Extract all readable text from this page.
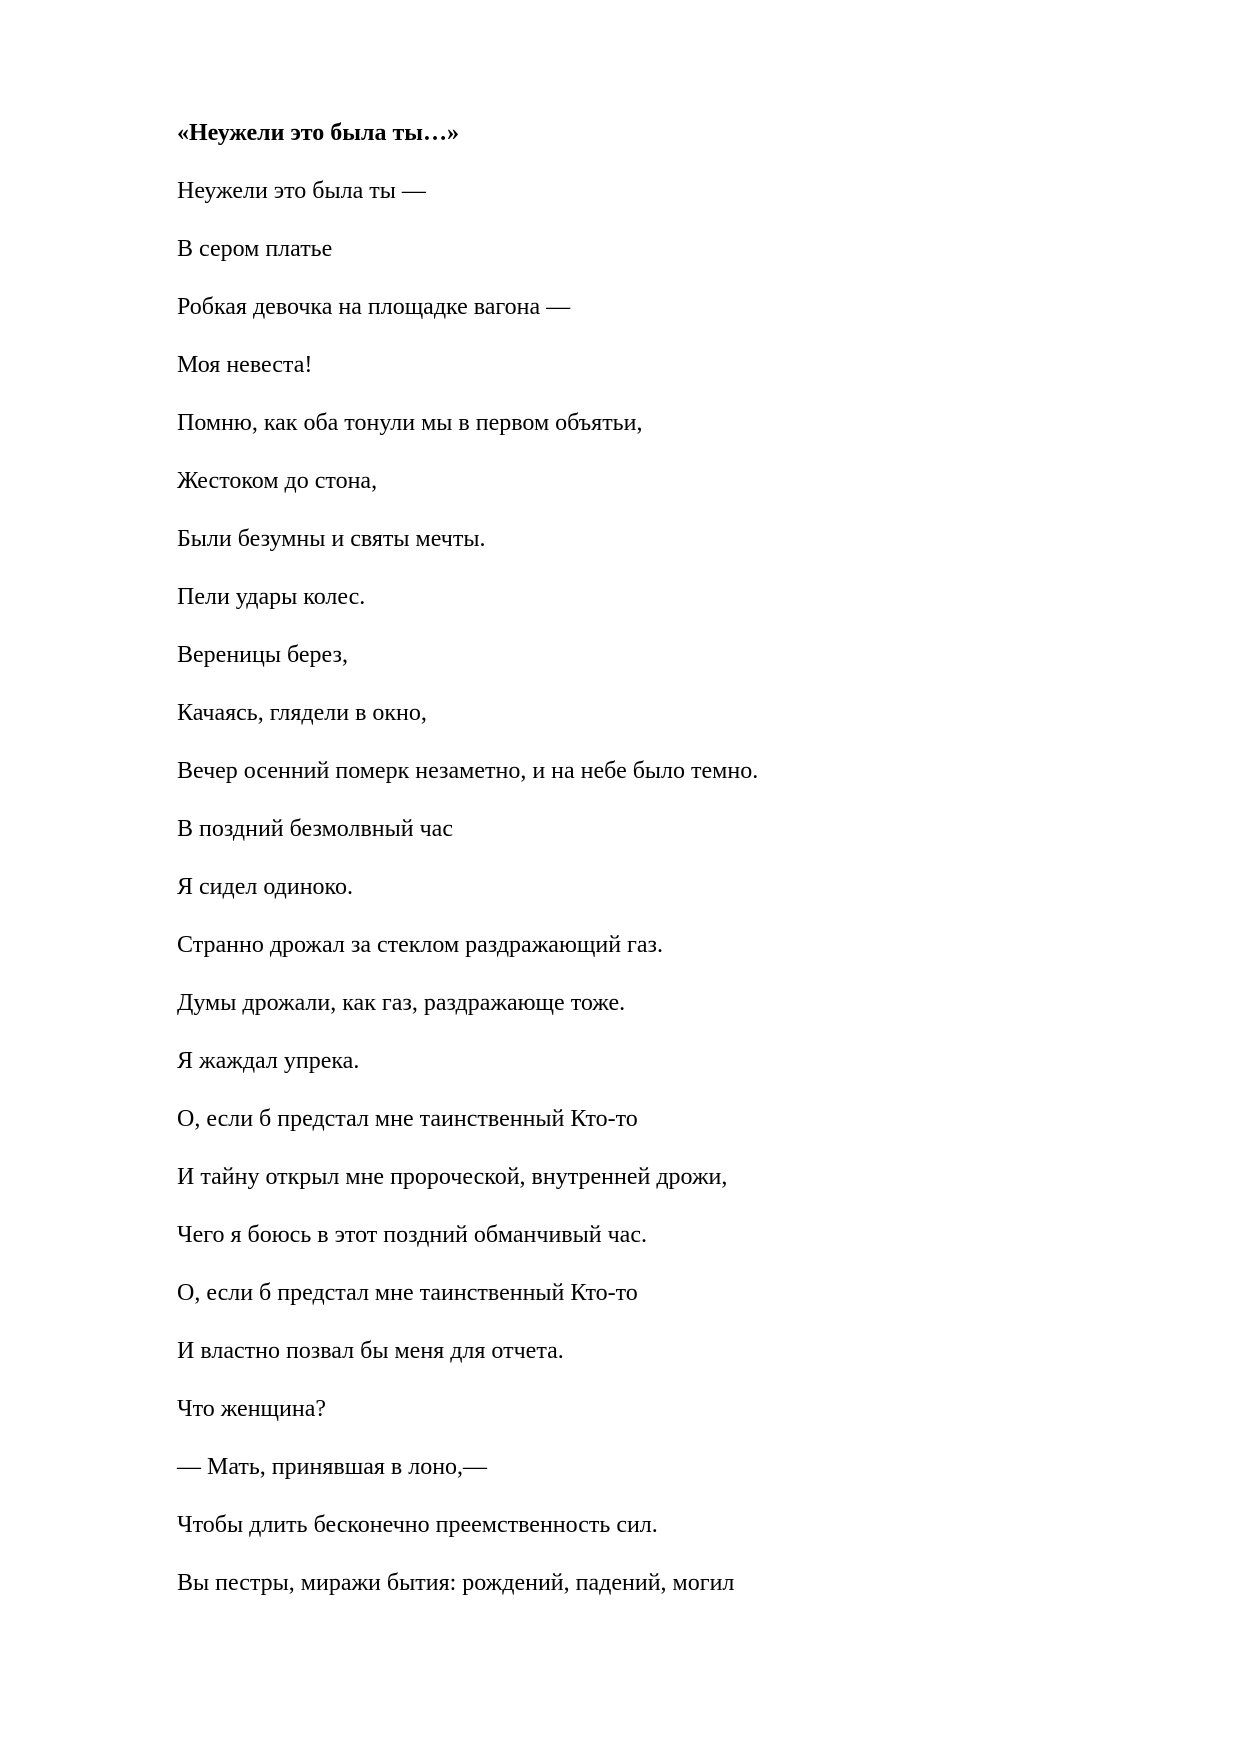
«Неужели это была ты…»
Неужели это была ты —
В сером платье
Робкая девочка на площадке вагона —
Моя невеста!
Помню, как оба тонули мы в первом объятьи,
Жестоком до стона,
Были безумны и святы мечты.
Пели удары колес.
Вереницы берез,
Качаясь, глядели в окно,
Вечер осенний померк незаметно, и на небе было темно.
В поздний безмолвный час
Я сидел одиноко.
Странно дрожал за стеклом раздражающий газ.
Думы дрожали, как газ, раздражающе тоже.
Я жаждал упрека.
О, если б предстал мне таинственный Кто-то
И тайну открыл мне пророческой, внутренней дрожи,
Чего я боюсь в этот поздний обманчивый час.
О, если б предстал мне таинственный Кто-то
И властно позвал бы меня для отчета.
Что женщина?
— Мать, принявшая в лоно,—
Чтобы длить бесконечно преемственность сил.
Вы пестры, миражи бытия: рождений, падений, могил
